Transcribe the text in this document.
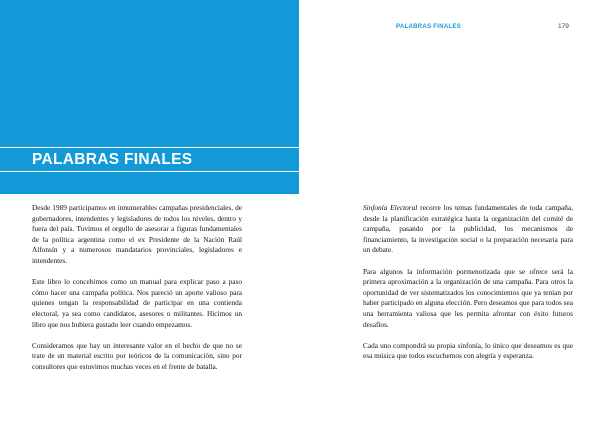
PALABRAS FINALES

Desde 1989 participamos en innumerables campañas presidenciales, de gobernadores, intendentes y legisladores de todos los niveles, dentro y fuera del país. Tuvimos el orgullo de asesorar a figuras fundamentales de la política argentina como el ex Presidente de la Nación Raúl Alfonsín y a numerosos mandatarios provinciales, legisladores e intendentes.

Este libro lo concebimos como un manual para explicar paso a paso cómo hacer una campaña política. Nos pareció un aporte valioso para quienes tengan la responsabilidad de participar en una contienda electoral, ya sea como candidatos, asesores o militantes. Hicimos un libro que nos hubiera gustado leer cuando empezamos.

Consideramos que hay un interesante valor en el hecho de que no se trate de un material escrito por teóricos de la comunicación, sino por consultores que estuvimos muchas veces en el frente de batalla.

PALABRAS FINALES	179

Sinfonía Electoral recorre los temas fundamentales de toda campaña, desde la planificación estratégica hasta la organización del comité de campaña, pasando por la publicidad, los mecanismos de financiamiento, la investigación social o la preparación necesaria para un debate.

Para algunos la información pormenorizada que se ofrece será la primera aproximación a la organización de una campaña. Para otros la oportunidad de ver sistematizados los conocimientos que ya tenían por haber participado en alguna elección. Pero deseamos que para todos sea una herramienta valiosa que les permita afrontar con éxito futuros desafíos.

Cada uno compondrá su propia sinfonía, lo único que deseamos es que esa música que todos escuchemos con alegría y esperanza.
